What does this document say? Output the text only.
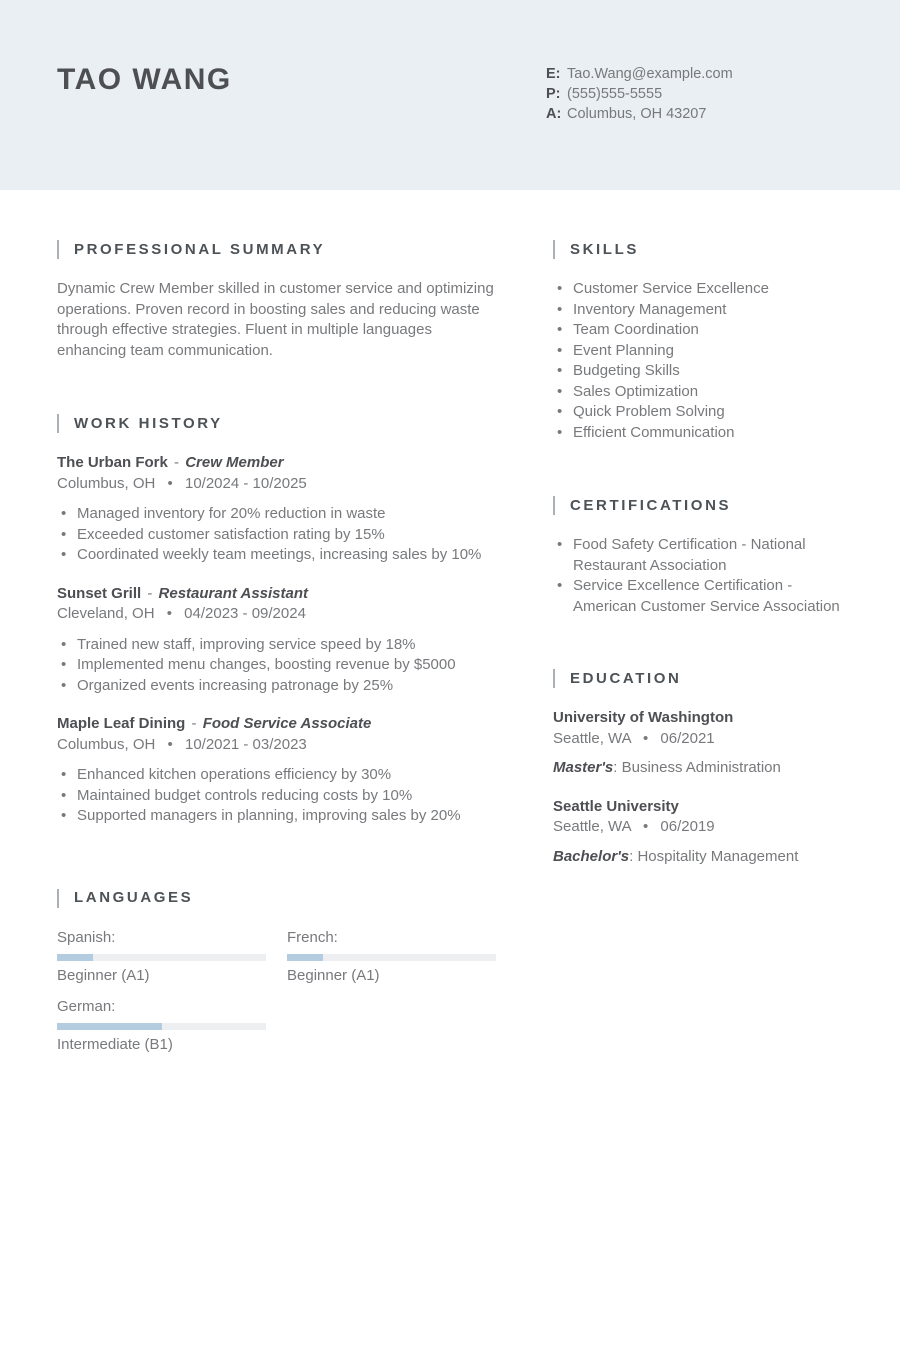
TAO WANG	E: Tao.Wang@example.com
P: (555)555-5555
A: Columbus, OH 43207
PROFESSIONAL SUMMARY

Dynamic Crew Member skilled in customer service and optimizing operations. Proven record in boosting sales and reducing waste through effective strategies. Fluent in multiple languages enhancing team communication.

WORK HISTORY
The Urban Fork - Crew Member
Columbus, OH • 10/2024 - 10/2025
• Managed inventory for 20% reduction in waste
• Exceeded customer satisfaction rating by 15%
• Coordinated weekly team meetings, increasing sales by 10%
Sunset Grill - Restaurant Assistant
Cleveland, OH • 04/2023 - 09/2024
• Trained new staff, improving service speed by 18%
• Implemented menu changes, boosting revenue by $5000
• Organized events increasing patronage by 25%
Maple Leaf Dining - Food Service Associate
Columbus, OH • 10/2021 - 03/2023
• Enhanced kitchen operations efficiency by 30%
• Maintained budget controls reducing costs by 10%
• Supported managers in planning, improving sales by 20%
LANGUAGES
Spanish:
Beginner (A1)
French:
Beginner (A1)
German:
Intermediate (B1)
SKILLS
• Customer Service Excellence
• Inventory Management
• Team Coordination
• Event Planning
• Budgeting Skills
• Sales Optimization
• Quick Problem Solving
• Efficient Communication
CERTIFICATIONS
• Food Safety Certification - National Restaurant Association
• Service Excellence Certification - American Customer Service Association
EDUCATION
University of Washington
Seattle, WA • 06/2021
Master's: Business Administration
Seattle University
Seattle, WA • 06/2019
Bachelor's: Hospitality Management
